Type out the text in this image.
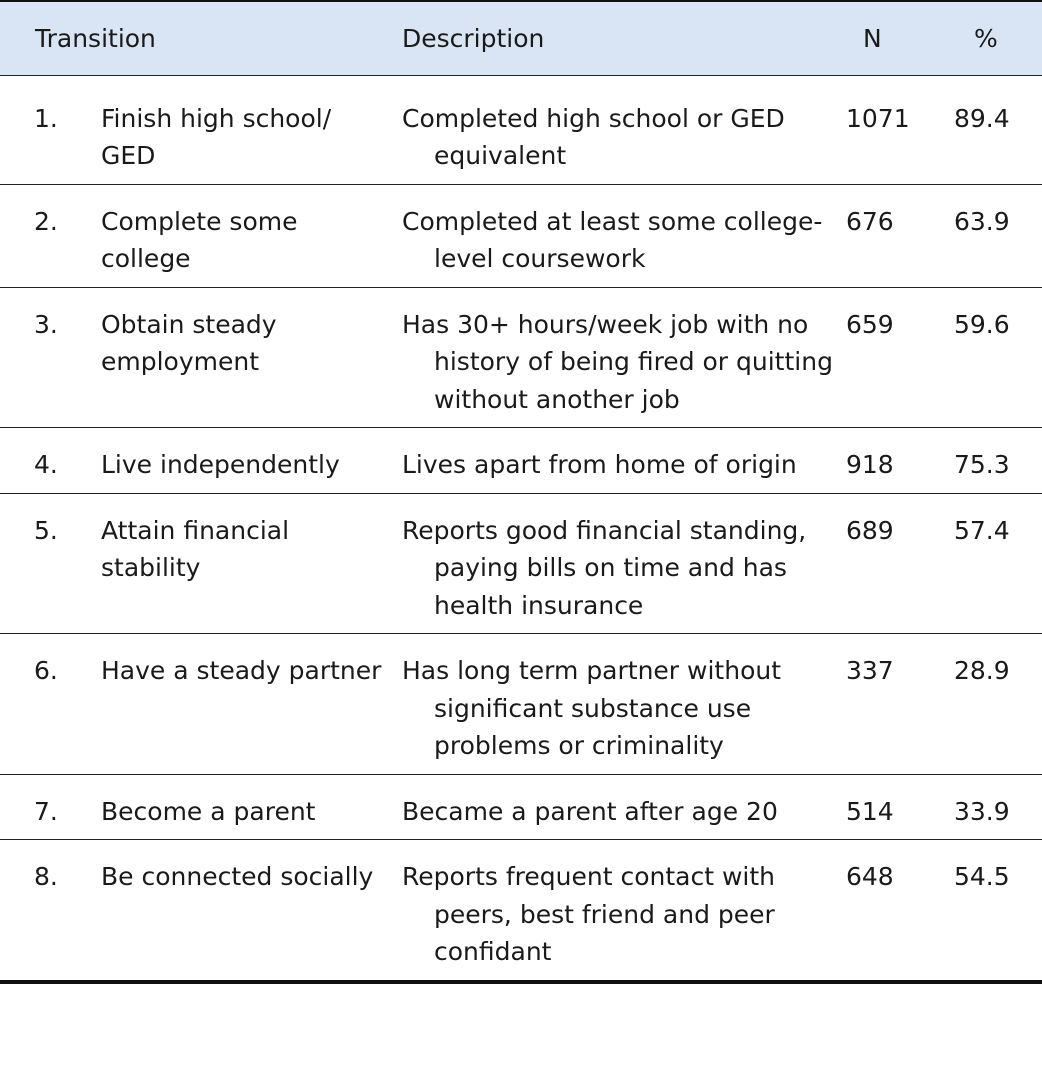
Transition		Description	N	%
1.	Finish high school/ GED	Completed high school or GED equivalent	1071	89.4
2.	Complete some college	Completed at least some college-level coursework	676	63.9
3.	Obtain steady employment	Has 30+ hours/week job with no history of being fired or quitting without another job	659	59.6
4.	Live independently	Lives apart from home of origin	918	75.3
5.	Attain financial stability	Reports good financial standing, paying bills on time and has health insurance	689	57.4
6.	Have a steady partner	Has long term partner without significant substance use problems or criminality	337	28.9
7.	Become a parent	Became a parent after age 20	514	33.9
8.	Be connected socially	Reports frequent contact with peers, best friend and peer confidant	648	54.5
